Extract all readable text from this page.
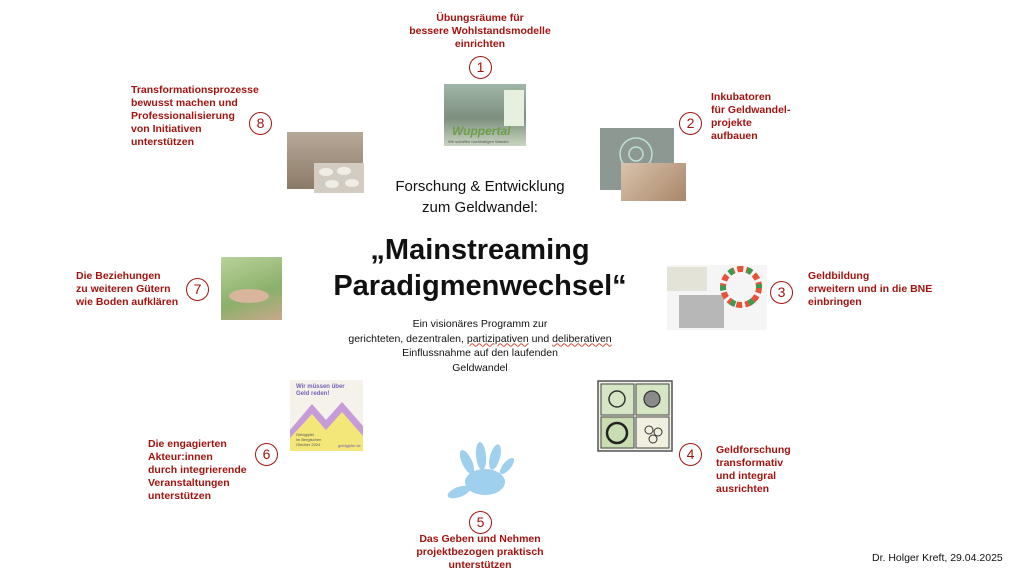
Forschung & Entwicklung
zum Geldwandel:
„Mainstreaming
Paradigmenwechsel“
Ein visionäres Programm zur
gerichteten, dezentralen, partizipativen und deliberativen
Einflussnahme auf den laufenden
Geldwandel
Übungsräume für
bessere Wohlstandsmodelle
einrichten
1
Wuppertal
Wir schaffen nachhaltigen Wandel
2
Inkubatoren
für Geldwandel-
projekte
aufbauen
3
Geldbildung
erweitern und in die BNE
einbringen
4	Geldforschung
transformativ
und integral
ausrichten
5
Das Geben und Nehmen
projektbezogen praktisch
unterstützen
Die engagierten
Akteur:innen
durch integrierende
Veranstaltungen
unterstützen
6
Wir müssen über
Geld reden!
Geldgipfel
im Bergischen
Oktober 2024	geldgipfel.de
Die Beziehungen
zu weiteren Gütern
wie Boden aufklären
7
Transformationsprozesse
bewusst machen und
Professionalisierung
von Initiativen
unterstützen
8
Dr. Holger Kreft, 29.04.2025
